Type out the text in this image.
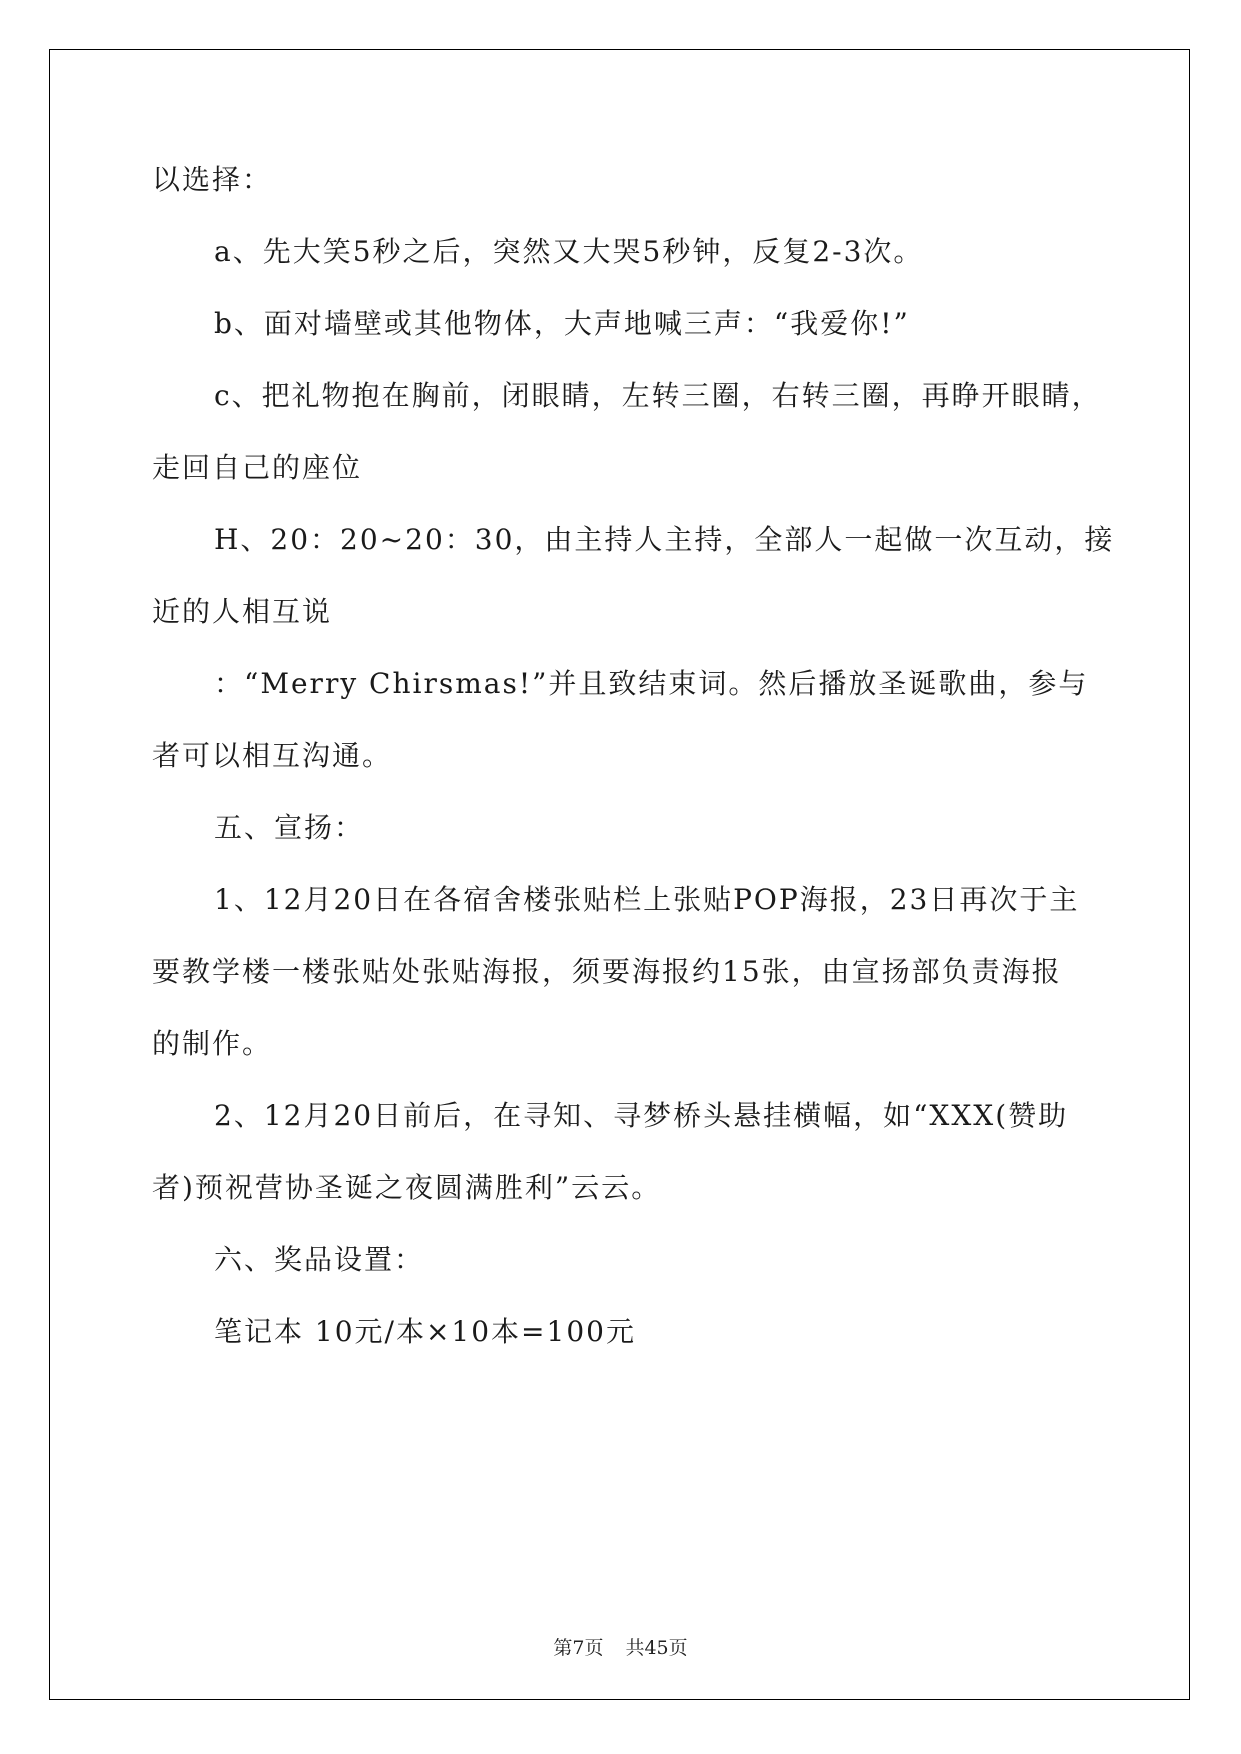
以选择：
a、先大笑5秒之后，突然又大哭5秒钟，反复2-3次。
b、面对墙壁或其他物体，大声地喊三声：“我爱你!”
c、把礼物抱在胸前，闭眼睛，左转三圈，右转三圈，再睁开眼睛，
走回自己的座位
H、20：20~20：30，由主持人主持，全部人一起做一次互动，接
近的人相互说
：“Merry Chirsmas!”并且致结束词。然后播放圣诞歌曲，参与
者可以相互沟通。
五、宣扬：
1、12月20日在各宿舍楼张贴栏上张贴POP海报，23日再次于主
要教学楼一楼张贴处张贴海报，须要海报约15张，由宣扬部负责海报
的制作。
2、12月20日前后，在寻知、寻梦桥头悬挂横幅，如“XXX(赞助
者)预祝营协圣诞之夜圆满胜利”云云。
六、奖品设置：
笔记本 10元/本×10本=100元
第7页 共45页
